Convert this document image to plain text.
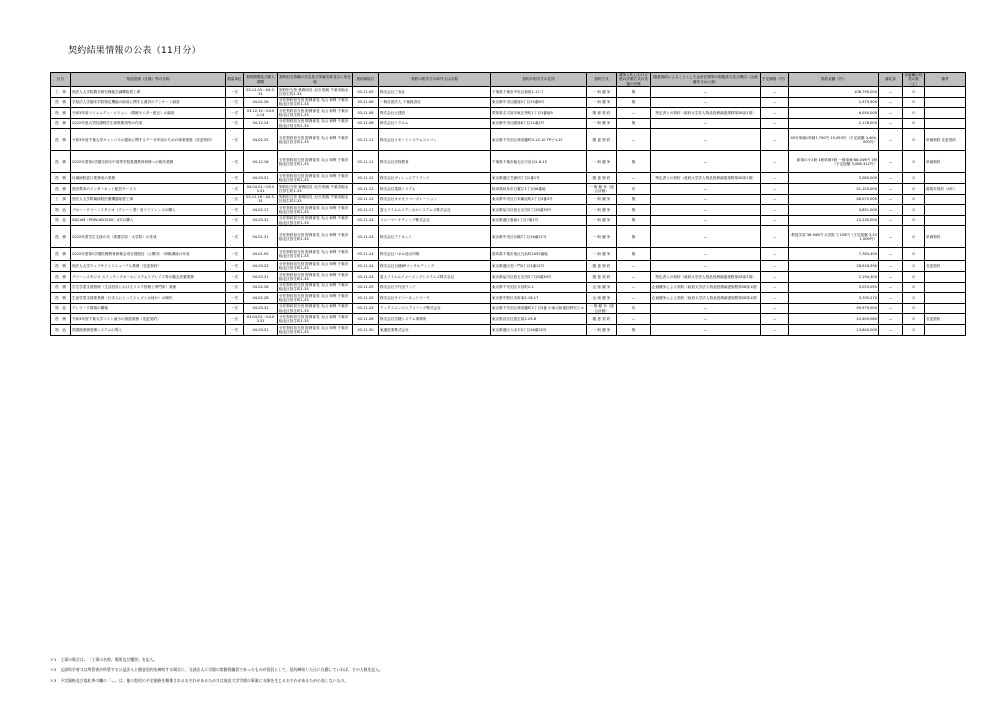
契約結果情報の公表（11月分）
区分	物品役務（仕様）等の名称	数量単位	契約期間及び納入期限	契約担当役職の氏名及び所属名称並びに所在地	契約締結日	契約の相手方の商号又は名称	契約の相手方の住所	契約方式	競争入札における他の評価方式の実施の有無	随意契約によることとした会計法規等の根拠条文及び理由（企画競争又は公募）	予定価格（円）	契約金額（円）	落札率	再就職の役員の数（人）	備考
工　事	独法人大学院農学研究棟他空調機取替工事	一式	03.11.05〜04.3.31	契約担当役 事務局長 太田 悦朗 千葉市稲毛区弥生町1-33	03.11.05	株式会社三寿社	千葉県千葉市中央区新宿1-17-7	一 般 競 争	無	—	—	108,790,000	—	0	
役　務	学校法人学園本学院特定機能の助成に関する運営のアンケート調査	一式	04.02.28	分任契約担当役 財務部長 丸山 和利 千葉市稲毛区弥生町1-33	03.11.08	一般社団法人 千葉経済社	東京都中央区銀座5丁目15番8号	一 般 競 争	無	—	—	1,979,500	—	0	
役　務	令和3年度コミュニティ・ビジョン（情報モニター改正）の調査	一式	03.12.15〜04.02.14	分任契約担当役 財務部長 丸山 和利 千葉市稲毛区弥生町1-33	03.11.08	株式会社大建設	愛知県名古屋市東区葵町1丁目1番地5	随 意 契 約	—	特定者との契約（政府大学法人物品役務調達規程第28条1項）	—	6,050,000	—	0	
役　務	2022年度大学院課程学生募集要項等の作成	一式	04.12.24	分任契約担当役 財務部長 丸山 和利 千葉市稲毛区弥生町1-33	03.11.08	株式会社リクルム	東京都中央区銀座8丁目11番2号	一 般 競 争	無	—	—	2,178,000	—	0	
役　務	令和3年度千葉大学キャンパスの運用に関するデータ作成のための事業推進（変更契約）	一式	04.02.25	分任契約担当役 財務部長 丸山 和利 千葉市稲毛区弥生町1-33	03.11.11	株式会社リモートシステムジャパン	東京都千代田区神田錦町3-13-10 TPビル1F	随 意 契 約	—	—	—	49分単価1単価7,700円 10,450円（予定総額 4,400,000円）	—	0	単価契約 変更契約
役　務	2022年度第1学期全国小中高等学校看護教育研修への配布業務	一式	04.12.16	分任契約担当役 財務部長 丸山 和利 千葉市稲毛区弥生町1-33	03.11.11	株式会社学校教育	千葉県千葉市稲毛区天診台2-6-15	一 般 競 争	無	—	—	新規の小1冊 1冊単価7冊 一冊単価 68,049円 1冊（予定総額 3,068,312円）	—	0	単価契約
役　務	付属病院窓口業務用の業務	一式	04.03.31	分任契約担当役 財務部長 丸山 和利 千葉市稲毛区弥生町1-33	03.11.12	株式会社ヴィレッジアイランド	東京都港区芝浦四丁目1番1号	随 意 契 約	—	特定者との契約（政府大学法人物品役務調達規程第28条1項）	—	3,080,000	—	0	
役　務	独法教育のインターネット配信サービス	一式	04.04.01〜05.03.31	契約担当役 事務局長 太田 悦朗 千葉市稲毛区弥生町1-33	03.11.12	株式会社電算システム	岐阜県岐阜市日置江1丁目58番地	一 般 競 争（総合評価）	有	—	—	51,150,000	—	0	複数年契約（4年）
工　事	独法人大学附属病院医療機器取替工事	一式	03.11.16〜04.3.31	契約担当役 事務局長 太田 悦朗 千葉市稲毛区弥生町1-33	03.11.15	株式会社オオモリコーポレーション	東京都中央区日本橋室町2丁目3番3号	一 般 競 争	無	—	—	48,070,000	—	0	
物　品	ブルー・グリーンスタジオ（クレーン型）用ワイドレンズの購入	一式	04.02.17	分任契約担当役 財務部長 丸山 和利 千葉市稲毛区弥生町1-33	03.11.17	富士フイルムメディカルシステムズ株式会社	東京都品川区西五反田3丁目6番30号	一 般 競 争	無	—	—	4,651,000	—	0	
物　品	XDCAM（PDW-HD1500）4式の購入	一式	04.03.31	分任契約担当役 財務部長 丸山 和利 千葉市稲毛区弥生町1-33	03.11.24	ソニーマーケティング株式会社	東京都港区港南1丁目7番1号	一 般 競 争	無	—	—	10,230,000	—	0	
役　務	2022年度学生支援の実（看護学部・大学院）の作成	一式	04.01.31	分任契約担当役 財務部長 丸山 和利 千葉市稲毛区弥生町1-33	03.11.24	株式会社アイネット	東京都中央区京橋7丁目16番21号	一 般 競 争	無	—	—	教員学部 38,940円 大学院 7,150円（予定総額 3,521,000円）	—	0	単価契約
役　務	2022年度第1学期医療教育研修会用全国配信（公開用）・研修講座の作成	一式	04.01.05	分任契約担当役 財務部長 丸山 和利 千葉市稲毛区弥生町1-33	03.11.24	株式会社パネル総合印刷	群馬県千葉市東区白浜町1055番地	一 般 競 争	無	—	—	7,783,400	—	0	
役　務	独法人大学ウェブサイトリニューアル業務（変更契約）	一式	04.03.23	分任契約担当役 財務部長 丸山 和利 千葉市稲毛区弥生町1-33	03.11.24	株式会社日経BPコンサルティング	東京都港区虎ノ門4丁目3番12号	随 意 契 約	—	—	—	28,916,590	—	0	変更契約
役　務	グリーンスタジオ スイッチングオールシステムリプレイス等の撤去設置業務	一式	04.03.31	分任契約担当役 財務部長 丸山 和利 千葉市稲毛区弥生町1-33	03.11.24	富士フイルムイメージングシステムズ株式会社	東京都品川区西五反田3丁目6番30号	随 意 契 約	—	特定者との契約（政府大学法人物品役務調達規程第28条1項）	—	2,194,300	—	0	
役　務	学生学習支援管理（生活設計におけるリスク管理と専門家）業務	一式	04.02.28	分任契約担当役 財務部長 丸山 和利 千葉市稲毛区弥生町1-33	03.11.25	株式会社千代田ランド	東京都千代田区永田町2-1	企 画 競 争	—	企画競争による契約（政府大学法人物品役務調達規程第28条1項）	—	3,053,050	—	0	
役　務	生涯学習支援業業務（日本人にとってジャズとは何か）の制作	一式	04.02.28	分任契約担当役 財務部長 丸山 和利 千葉市稲毛区弥生町1-33	03.11.25	株式会社サイバーネットワーク	東京都中野区本町東2-16-17	企 画 競 争	—	企画競争による契約（政府大学法人物品役務調達規程第28条1項）	—	3,795,270	—	0	
物　品	テレワーク環境の構築	一式	04.03.31	分任契約担当役 財務部長 丸山 和利 千葉市稲毛区弥生町1-33	03.11.25	テックスエンジニアリーング株式会社	東京都千代田区神田錦町2丁目3番 小東大和通信研究ビル	一 般 競 争（総合評価）	有	—	—	99,979,000	—	0	
役　務	令和3年度千葉大学コスト縮小の推進業務（変更契約）	一式	03.04.01〜04.03.31	分任契約担当役 財務部長 丸山 和利 千葉市稲毛区弥生町1-33	03.11.26	株式会社学籍システム事務所	東京都渋谷区道玄坂2-29-8	随 意 契 約	—	—	—	24,409,080	—	0	変更契約
物　品	図書館業務管理システムの導入	一式	04.03.31	分任契約担当役 財務部長 丸山 和利 千葉市稲毛区弥生町1-33	03.11.30	東通産業株式会社	東京都港区六本木5丁目16番20号	一 般 競 争	無	—	—	13,640,000	—	0	
＊1　工事の場合は、「工事の名称、場所及び種別」を記入。
＊2　文部科学省又は所管省が所管する公益法人と随意契約を締結する場合に、当該法人に学園の常勤役職員であったものが役員として、契約締結した日に在籍していれば、その人数を記入。
＊3　予定価格及び落札率の欄の「—」は、他の契約の予定価格を類推されるおそれがあるため又は放送大学学園の事業に支障を生じるおそれがあるため公表しないもの。
